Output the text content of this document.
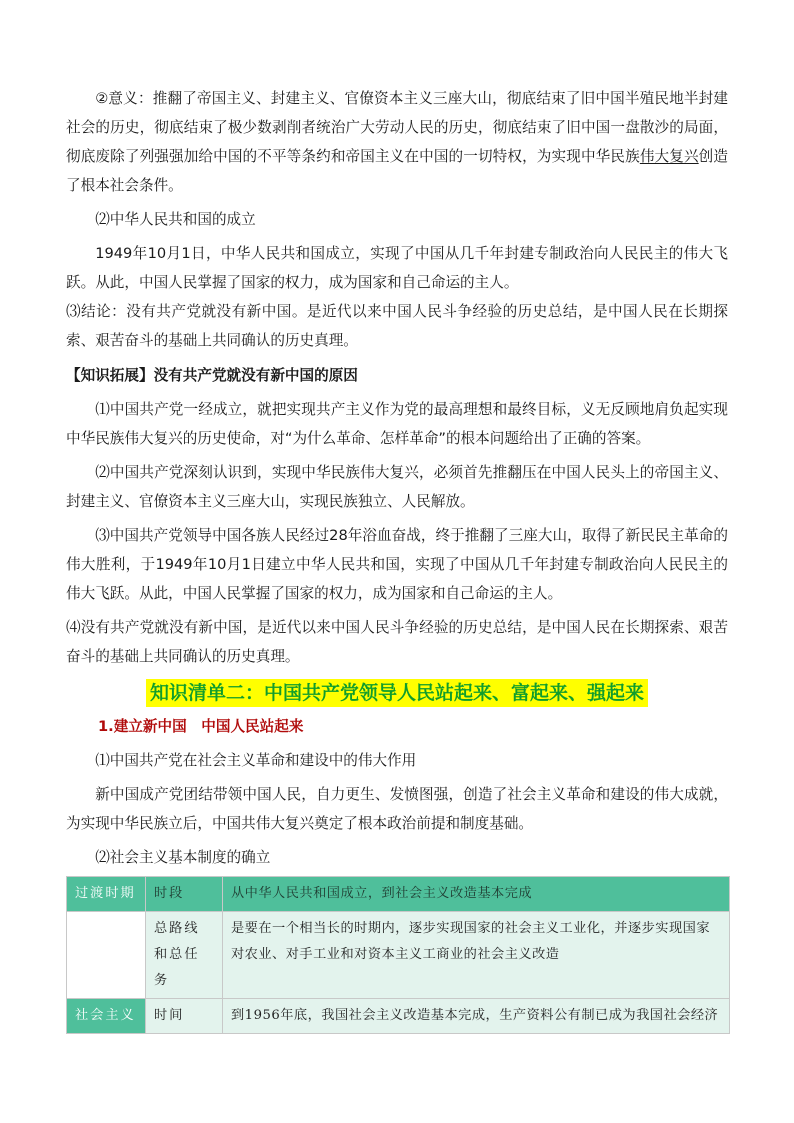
②意义：推翻了帝国主义、封建主义、官僚资本主义三座大山，彻底结束了旧中国半殖民地半封建社会的历史，彻底结束了极少数剥削者统治广大劳动人民的历史，彻底结束了旧中国一盘散沙的局面，彻底废除了列强强加给中国的不平等条约和帝国主义在中国的一切特权，为实现中华民族伟大复兴创造了根本社会条件。

⑵中华人民共和国的成立

1949年10月1日，中华人民共和国成立，实现了中国从几千年封建专制政治向人民民主的伟大飞跃。从此，中国人民掌握了国家的权力，成为国家和自己命运的主人。

⑶结论：没有共产党就没有新中国。是近代以来中国人民斗争经验的历史总结，是中国人民在长期探索、艰苦奋斗的基础上共同确认的历史真理。

【知识拓展】没有共产党就没有新中国的原因

⑴中国共产党一经成立，就把实现共产主义作为党的最高理想和最终目标，义无反顾地肩负起实现中华民族伟大复兴的历史使命，对“为什么革命、怎样革命”的根本问题给出了正确的答案。

⑵中国共产党深刻认识到，实现中华民族伟大复兴，必须首先推翻压在中国人民头上的帝国主义、封建主义、官僚资本主义三座大山，实现民族独立、人民解放。

⑶中国共产党领导中国各族人民经过28年浴血奋战，终于推翻了三座大山，取得了新民民主革命的伟大胜利，于1949年10月1日建立中华人民共和国，实现了中国从几千年封建专制政治向人民民主的伟大飞跃。从此，中国人民掌握了国家的权力，成为国家和自己命运的主人。

⑷没有共产党就没有新中国，是近代以来中国人民斗争经验的历史总结，是中国人民在长期探索、艰苦奋斗的基础上共同确认的历史真理。

知识清单二：中国共产党领导人民站起来、富起来、强起来

1.建立新中国　中国人民站起来

⑴中国共产党在社会主义革命和建设中的伟大作用

新中国成产党团结带领中国人民，自力更生、发愤图强，创造了社会主义革命和建设的伟大成就，为实现中华民族立后，中国共伟大复兴奠定了根本政治前提和制度基础。

⑵社会主义基本制度的确立

过渡时期	时段	从中华人民共和国成立，到社会主义改造基本完成
	总路线和总任务	是要在一个相当长的时期内，逐步实现国家的社会主义工业化，并逐步实现国家对农业、对手工业和对资本主义工商业的社会主义改造
社会主义	时间	到1956年底，我国社会主义改造基本完成，生产资料公有制已成为我国社会经济
